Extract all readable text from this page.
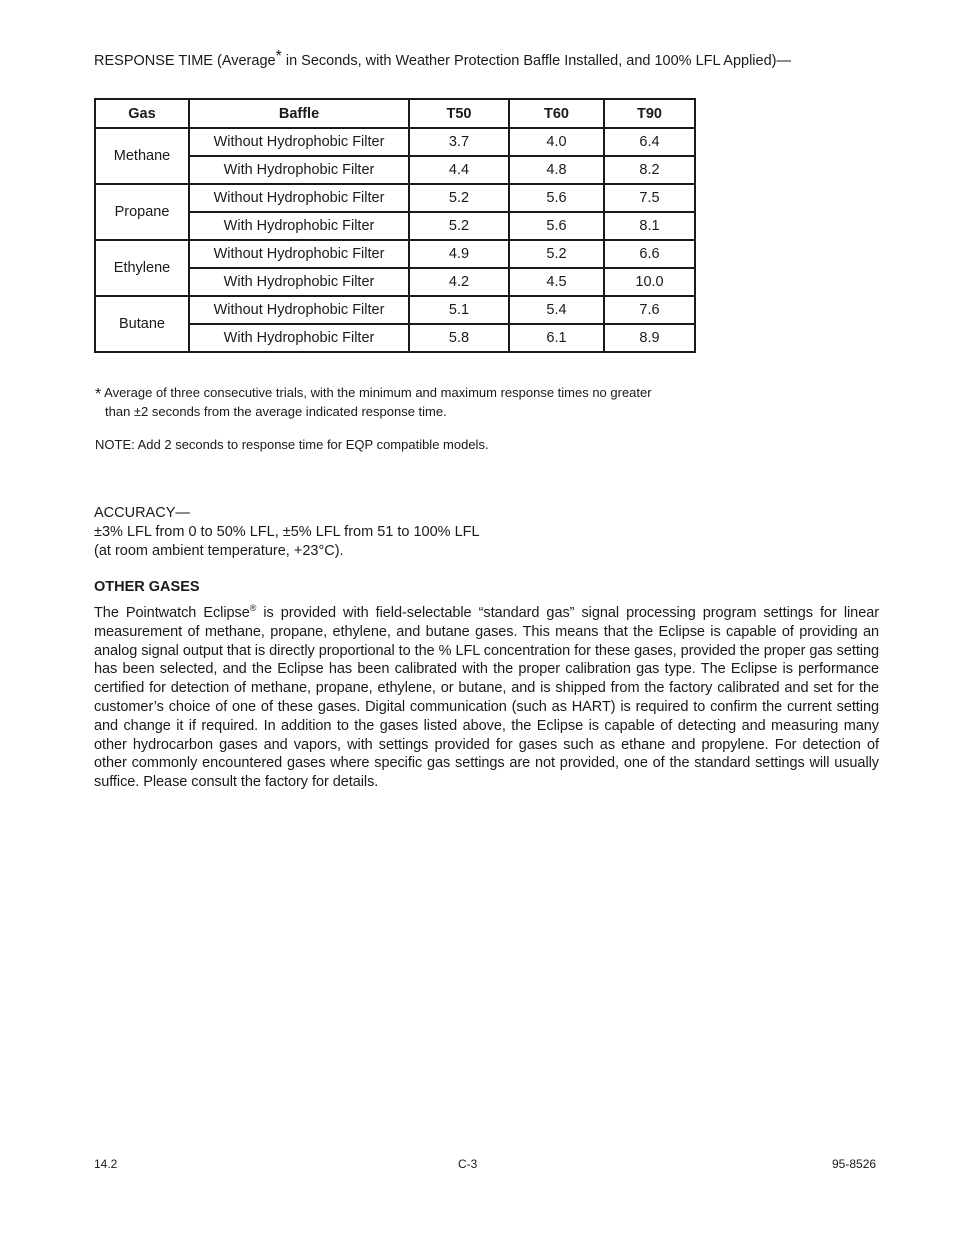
RESPONSE TIME (Average* in Seconds, with Weather Protection Baffle Installed, and 100% LFL Applied)—
Gas	Baffle	T50	T60	T90
Methane	Without Hydrophobic Filter	3.7	4.0	6.4
	With Hydrophobic Filter	4.4	4.8	8.2
Propane	Without Hydrophobic Filter	5.2	5.6	7.5
	With Hydrophobic Filter	5.2	5.6	8.1
Ethylene	Without Hydrophobic Filter	4.9	5.2	6.6
	With Hydrophobic Filter	4.2	4.5	10.0
Butane	Without Hydrophobic Filter	5.1	5.4	7.6
	With Hydrophobic Filter	5.8	6.1	8.9
* Average of three consecutive trials, with the minimum and maximum response times no greater
than ±2 seconds from the average indicated response time.
NOTE: Add 2 seconds to response time for EQP compatible models.
ACCURACY—
±3% LFL from 0 to 50% LFL, ±5% LFL from 51 to 100% LFL
(at room ambient temperature, +23°C).
OTHER GASES
The Pointwatch Eclipse® is provided with field-selectable “standard gas” signal processing program settings for linear measurement of methane, propane, ethylene, and butane gases. This means that the Eclipse is capable of providing an analog signal output that is directly proportional to the % LFL concentration for these gases, provided the proper gas setting has been selected, and the Eclipse has been calibrated with the proper calibration gas type. The Eclipse is performance certified for detection of methane, propane, ethylene, or butane, and is shipped from the factory calibrated and set for the customer’s choice of one of these gases. Digital communication (such as HART) is required to confirm the current setting and change it if required. In addition to the gases listed above, the Eclipse is capable of detecting and measuring many other hydrocarbon gases and vapors, with settings provided for gases such as ethane and propylene. For detection of other commonly encountered gases where specific gas settings are not provided, one of the standard settings will usually suffice. Please consult the factory for details.
14.2	C-3	95-8526
